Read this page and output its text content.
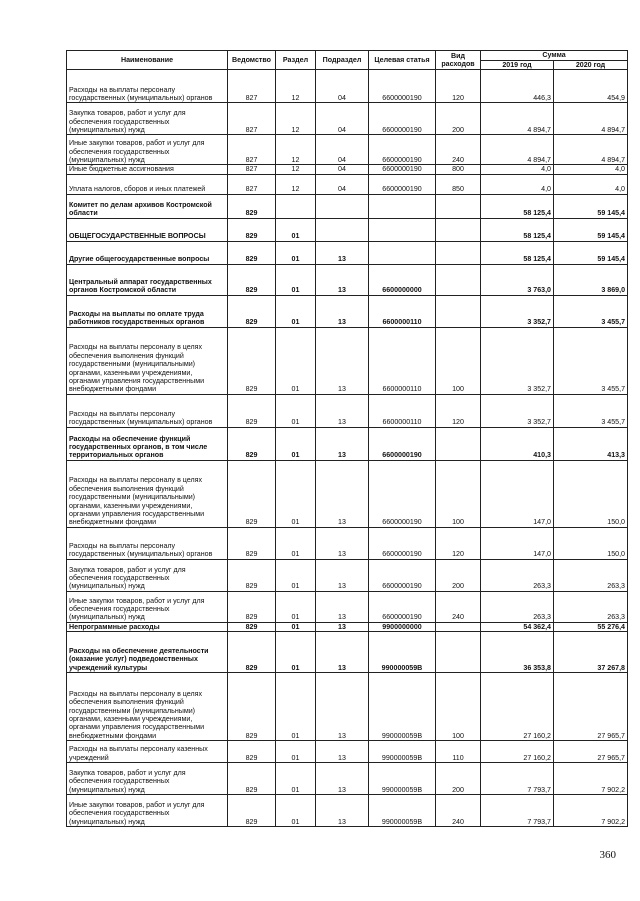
Наименование	Ведомство	Раздел	Подраздел	Целевая статья	Вид расходов	Сумма	
						2019 год	2020 год
Расходы на выплаты персоналу государственных (муниципальных) органов	827	12	04	6600000190	120	446,3	454,9
Закупка товаров, работ и услуг для обеспечения государственных (муниципальных) нужд	827	12	04	6600000190	200	4 894,7	4 894,7
Иные закупки товаров, работ и услуг для обеспечения государственных (муниципальных) нужд	827	12	04	6600000190	240	4 894,7	4 894,7
Иные бюджетные ассигнования	827	12	04	6600000190	800	4,0	4,0
Уплата налогов, сборов и иных платежей	827	12	04	6600000190	850	4,0	4,0
Комитет по делам архивов Костромской области	829					58 125,4	59 145,4
ОБЩЕГОСУДАРСТВЕННЫЕ ВОПРОСЫ	829	01				58 125,4	59 145,4
Другие общегосударственные вопросы	829	01	13			58 125,4	59 145,4
Центральный аппарат государственных органов Костромской области	829	01	13	6600000000		3 763,0	3 869,0
Расходы на выплаты по оплате труда работников государственных органов	829	01	13	6600000110		3 352,7	3 455,7
Расходы на выплаты персоналу в целях обеспечения выполнения функций государственными (муниципальными) органами, казенными учреждениями, органами управления государственными внебюджетными фондами	829	01	13	6600000110	100	3 352,7	3 455,7
Расходы на выплаты персоналу государственных (муниципальных) органов	829	01	13	6600000110	120	3 352,7	3 455,7
Расходы на обеспечение функций государственных органов, в том числе территориальных органов	829	01	13	6600000190		410,3	413,3
Расходы на выплаты персоналу в целях обеспечения выполнения функций государственными (муниципальными) органами, казенными учреждениями, органами управления государственными внебюджетными фондами	829	01	13	6600000190	100	147,0	150,0
Расходы на выплаты персоналу государственных (муниципальных) органов	829	01	13	6600000190	120	147,0	150,0
Закупка товаров, работ и услуг для обеспечения государственных (муниципальных) нужд	829	01	13	6600000190	200	263,3	263,3
Иные закупки товаров, работ и услуг для обеспечения государственных (муниципальных) нужд	829	01	13	6600000190	240	263,3	263,3
Непрограммные расходы	829	01	13	9900000000		54 362,4	55 276,4
Расходы на обеспечение деятельности (оказание услуг) подведомственных учреждений культуры	829	01	13	990000059B		36 353,8	37 267,8
Расходы на выплаты персоналу в целях обеспечения выполнения функций государственными (муниципальными) органами, казенными учреждениями, органами управления государственными внебюджетными фондами	829	01	13	990000059B	100	27 160,2	27 965,7
Расходы на выплаты персоналу казенных учреждений	829	01	13	990000059B	110	27 160,2	27 965,7
Закупка товаров, работ и услуг для обеспечения государственных (муниципальных) нужд	829	01	13	990000059B	200	7 793,7	7 902,2
Иные закупки товаров, работ и услуг для обеспечения государственных (муниципальных) нужд	829	01	13	990000059B	240	7 793,7	7 902,2
360
